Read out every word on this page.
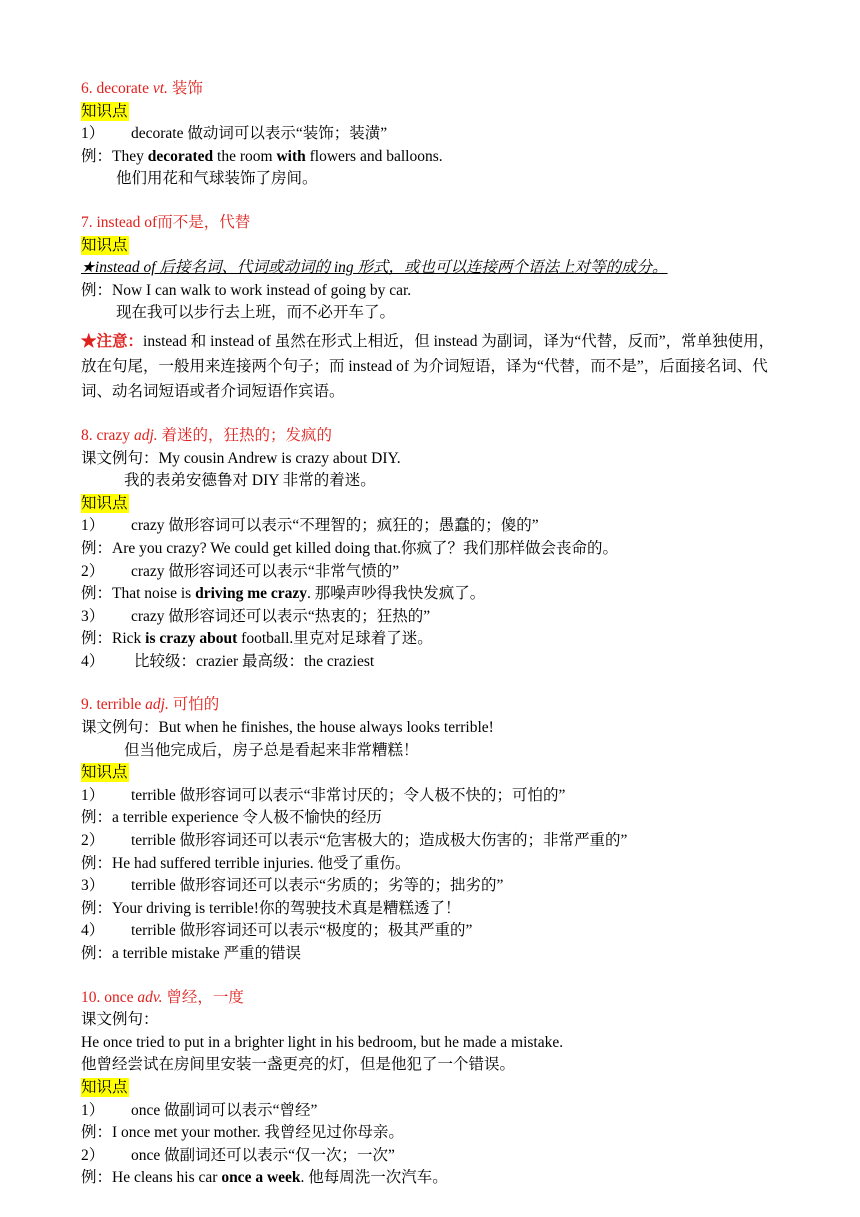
6. decorate vt. 装饰
知识点
1） decorate 做动词可以表示“装饰；装潢”
例：They decorated the room with flowers and balloons.
他们用花和气球装饰了房间。
7. instead of而不是，代替
知识点
★instead of 后接名词、代词或动词的 ing 形式，或也可以连接两个语法上对等的成分。
例：Now I can walk to work instead of going by car.
现在我可以步行去上班，而不必开车了。
★注意：instead 和 instead of 虽然在形式上相近，但 instead 为副词，译为“代替，反而”，常单独使用，放在句尾，一般用来连接两个句子；而 instead of 为介词短语，译为“代替，而不是”，后面接名词、代词、动名词短语或者介词短语作宾语。
8. crazy adj. 着迷的，狂热的；发疯的
课文例句：My cousin Andrew is crazy about DIY.
我的表弟安德鲁对 DIY 非常的着迷。
知识点
1） crazy 做形容词可以表示“不理智的；疯狂的；愚蠢的；傻的”
例：Are you crazy? We could get killed doing that.你疯了？我们那样做会丧命的。
2） crazy 做形容词还可以表示“非常气愤的”
例：That noise is driving me crazy. 那噪声吵得我快发疯了。
3） crazy 做形容词还可以表示“热衷的；狂热的”
例：Rick is crazy about football.里克对足球着了迷。
4） 比较级：crazier 最高级：the craziest
9. terrible adj. 可怕的
课文例句：But when he finishes, the house always looks terrible!
但当他完成后，房子总是看起来非常糟糕！
知识点
1） terrible 做形容词可以表示“非常讨厌的；令人极不快的；可怕的”
例：a terrible experience 令人极不愉快的经历
2） terrible 做形容词还可以表示“危害极大的；造成极大伤害的；非常严重的”
例：He had suffered terrible injuries. 他受了重伤。
3） terrible 做形容词还可以表示“劣质的；劣等的；拙劣的”
例：Your driving is terrible!你的驾驶技术真是糟糕透了！
4） terrible 做形容词还可以表示“极度的；极其严重的”
例：a terrible mistake 严重的错误
10. once adv. 曾经，一度
课文例句：
He once tried to put in a brighter light in his bedroom, but he made a mistake.
他曾经尝试在房间里安装一盏更亮的灯，但是他犯了一个错误。
知识点
1） once 做副词可以表示“曾经”
例：I once met your mother. 我曾经见过你母亲。
2） once 做副词还可以表示“仅一次；一次”
例：He cleans his car once a week. 他每周洗一次汽车。
